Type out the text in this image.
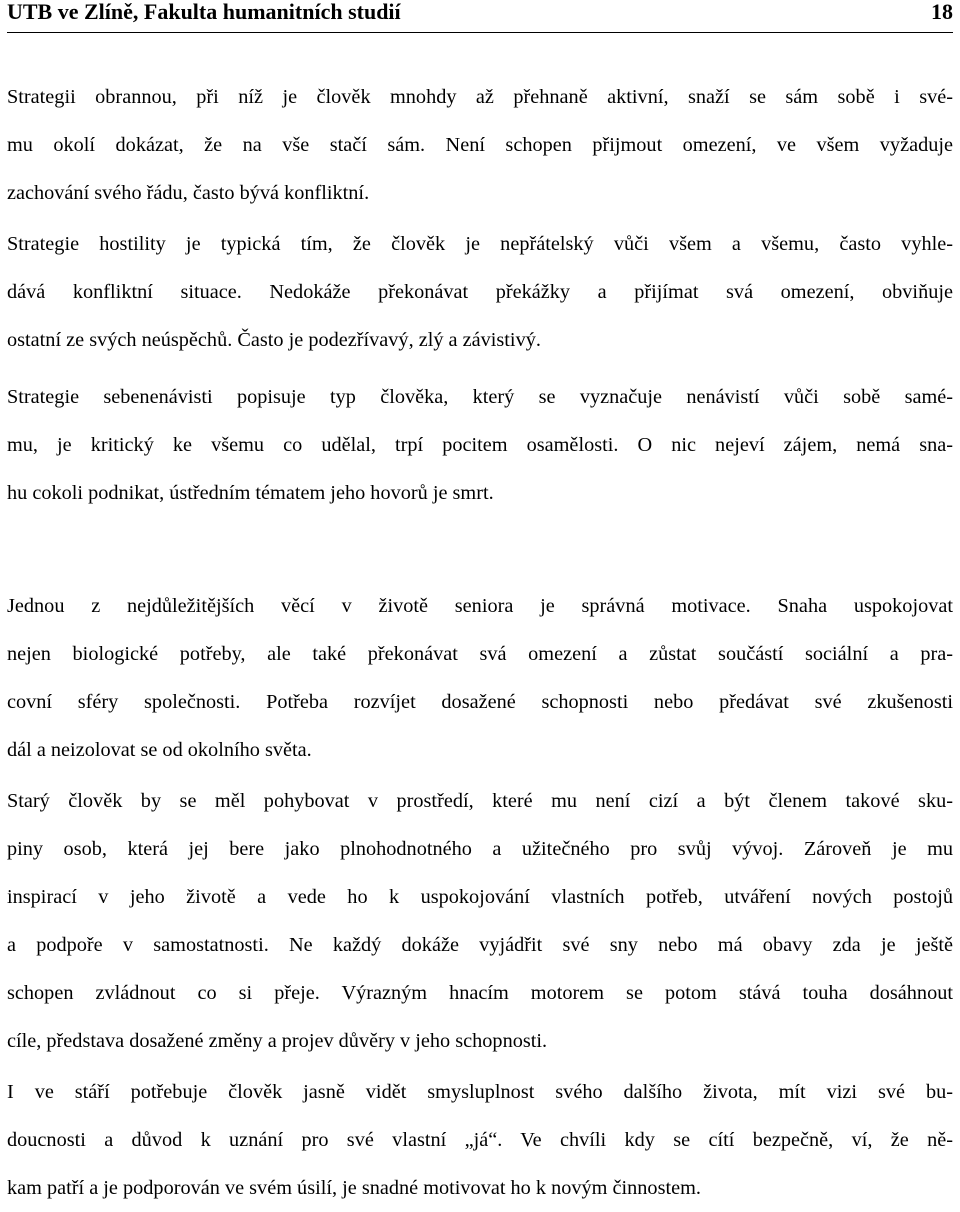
UTB ve Zlíně, Fakulta humanitních studií	18
Strategii obrannou, při níž je člověk mnohdy až přehnaně aktivní, snaží se sám sobě i své-
mu okolí dokázat, že na vše stačí sám. Není schopen přijmout omezení, ve všem vyžaduje
zachování svého řádu, často bývá konfliktní.
Strategie hostility je typická tím, že člověk je nepřátelský vůči všem a všemu, často vyhle-
dává konfliktní situace. Nedokáže překonávat překážky a přijímat svá omezení, obviňuje
ostatní ze svých neúspěchů. Často je podezřívavý, zlý a závistivý.
Strategie sebenenávisti popisuje typ člověka, který se vyznačuje nenávistí vůči sobě samé-
mu, je kritický ke všemu co udělal, trpí pocitem osamělosti. O nic nejeví zájem, nemá sna-
hu cokoli podnikat, ústředním tématem jeho hovorů je smrt.
Jednou z nejdůležitějších věcí v životě seniora je správná motivace. Snaha uspokojovat
nejen biologické potřeby, ale také překonávat svá omezení a zůstat součástí sociální a pra-
covní sféry společnosti. Potřeba rozvíjet dosažené schopnosti nebo předávat své zkušenosti
dál a neizolovat se od okolního světa.
Starý člověk by se měl pohybovat v prostředí, které mu není cizí a být členem takové sku-
piny osob, která jej bere jako plnohodnotného a užitečného pro svůj vývoj. Zároveň je mu
inspirací v jeho životě a vede ho k uspokojování vlastních potřeb, utváření nových postojů
a podpoře v samostatnosti. Ne každý dokáže vyjádřit své sny nebo má obavy zda je ještě
schopen zvládnout co si přeje. Výrazným hnacím motorem se potom stává touha dosáhnout
cíle, představa dosažené změny a projev důvěry v jeho schopnosti.
I ve stáří potřebuje člověk jasně vidět smysluplnost svého dalšího života, mít vizi své bu-
doucnosti a důvod k uznání pro své vlastní „já“. Ve chvíli kdy se cítí bezpečně, ví, že ně-
kam patří a je podporován ve svém úsilí, je snadné motivovat ho k novým činnostem.
